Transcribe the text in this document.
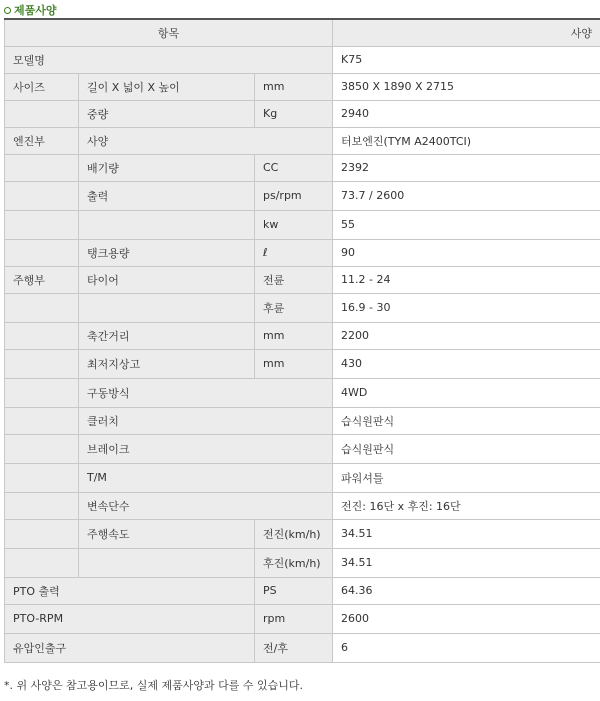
제품사양
항목			사양
모델명			K75
사이즈	길이 X 넓이 X 높이	mm	3850 X 1890 X 2715
	중량	Kg	2940
엔진부	사양		터보엔진(TYM A2400TCI)
	배기량	CC	2392
	출력	ps/rpm	73.7 / 2600
		kw	55
	탱크용량	ℓ	90
주행부	타이어	전륜	11.2 - 24
		후륜	16.9 - 30
	축간거리	mm	2200
	최저지상고	mm	430
	구동방식		4WD
	클러치		습식원판식
	브레이크		습식원판식
	T/M		파워셔틀
	변속단수		전진: 16단 x 후진: 16단
	주행속도	전진(km/h)	34.51
		후진(km/h)	34.51
PTO 출력		PS	64.36
PTO-RPM		rpm	2600
유압인출구		전/후	6
*. 위 사양은 참고용이므로, 실제 제품사양과 다를 수 있습니다.
